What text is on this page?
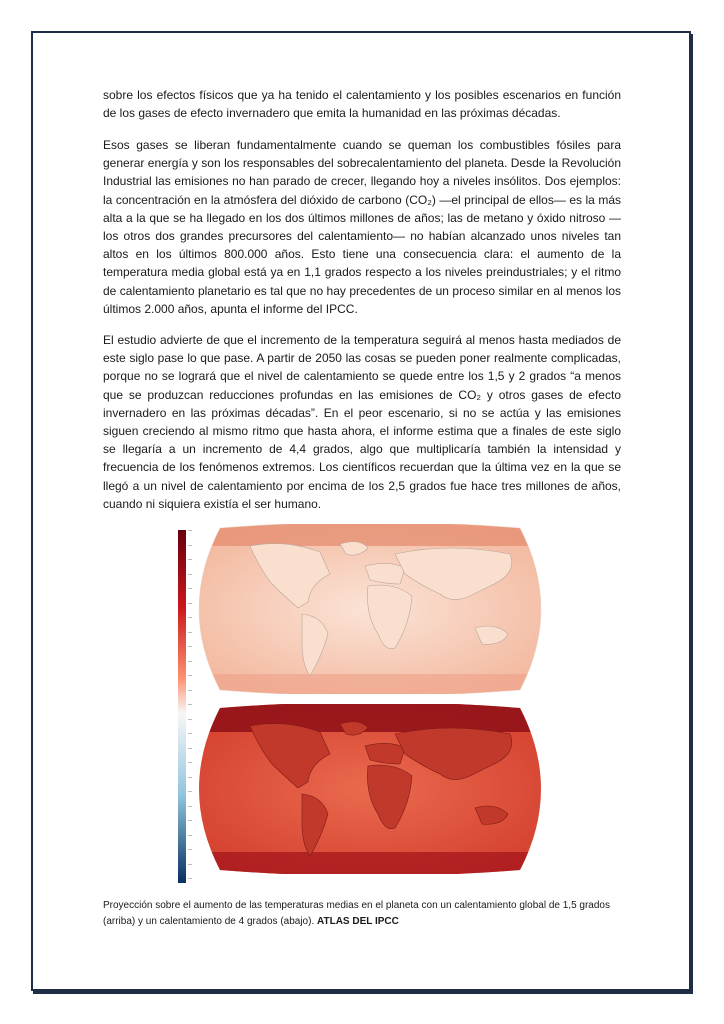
sobre los efectos físicos que ya ha tenido el calentamiento y los posibles escenarios en función de los gases de efecto invernadero que emita la humanidad en las próximas décadas.

Esos gases se liberan fundamentalmente cuando se queman los combustibles fósiles para generar energía y son los responsables del sobrecalentamiento del planeta. Desde la Revolución Industrial las emisiones no han parado de crecer, llegando hoy a niveles insólitos. Dos ejemplos: la concentración en la atmósfera del dióxido de carbono (CO₂) —el principal de ellos— es la más alta a la que se ha llegado en los dos últimos millones de años; las de metano y óxido nitroso —los otros dos grandes precursores del calentamiento— no habían alcanzado unos niveles tan altos en los últimos 800.000 años. Esto tiene una consecuencia clara: el aumento de la temperatura media global está ya en 1,1 grados respecto a los niveles preindustriales; y el ritmo de calentamiento planetario es tal que no hay precedentes de un proceso similar en al menos los últimos 2.000 años, apunta el informe del IPCC.

El estudio advierte de que el incremento de la temperatura seguirá al menos hasta mediados de este siglo pase lo que pase. A partir de 2050 las cosas se pueden poner realmente complicadas, porque no se logrará que el nivel de calentamiento se quede entre los 1,5 y 2 grados “a menos que se produzcan reducciones profundas en las emisiones de CO₂ y otros gases de efecto invernadero en las próximas décadas”. En el peor escenario, si no se actúa y las emisiones siguen creciendo al mismo ritmo que hasta ahora, el informe estima que a finales de este siglo se llegaría a un incremento de 4,4 grados, algo que multiplicaría también la intensidad y frecuencia de los fenómenos extremos. Los científicos recuerdan que la última vez en la que se llegó a un nivel de calentamiento por encima de los 2,5 grados fue hace tres millones de años, cuando ni siquiera existía el ser humano.

Proyección sobre el aumento de las temperaturas medias en el planeta con un calentamiento global de 1,5 grados (arriba) y un calentamiento de 4 grados (abajo). ATLAS DEL IPCC
